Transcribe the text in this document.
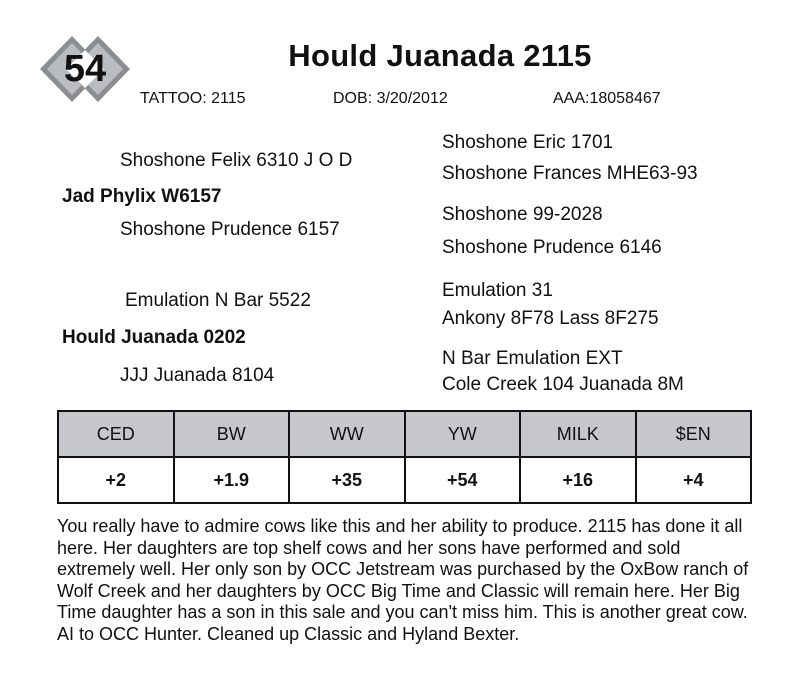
54	Hould Juanada 2115
TATTOO: 2115	DOB: 3/20/2012	AAA:18058467
Shoshone Eric 1701
Shoshone Felix 6310 J O D
Shoshone Frances MHE63-93
Jad Phylix W6157
Shoshone 99-2028
Shoshone Prudence 6157
Shoshone Prudence 6146
Emulation 31
Emulation N Bar 5522
Ankony 8F78 Lass 8F275
Hould Juanada 0202
N Bar Emulation EXT
JJJ Juanada 8104	Cole Creek 104 Juanada 8M
CED	BW	WW	YW	MILK	$EN
+2	+1.9	+35	+54	+16	+4

You really have to admire cows like this and her ability to produce. 2115 has done it all here. Her daughters are top shelf cows and her sons have performed and sold extremely well. Her only son by OCC Jetstream was purchased by the OxBow ranch of Wolf Creek and her daughters by OCC Big Time and Classic will remain here. Her Big Time daughter has a son in this sale and you can't miss him. This is another great cow. AI to OCC Hunter. Cleaned up Classic and Hyland Bexter.
